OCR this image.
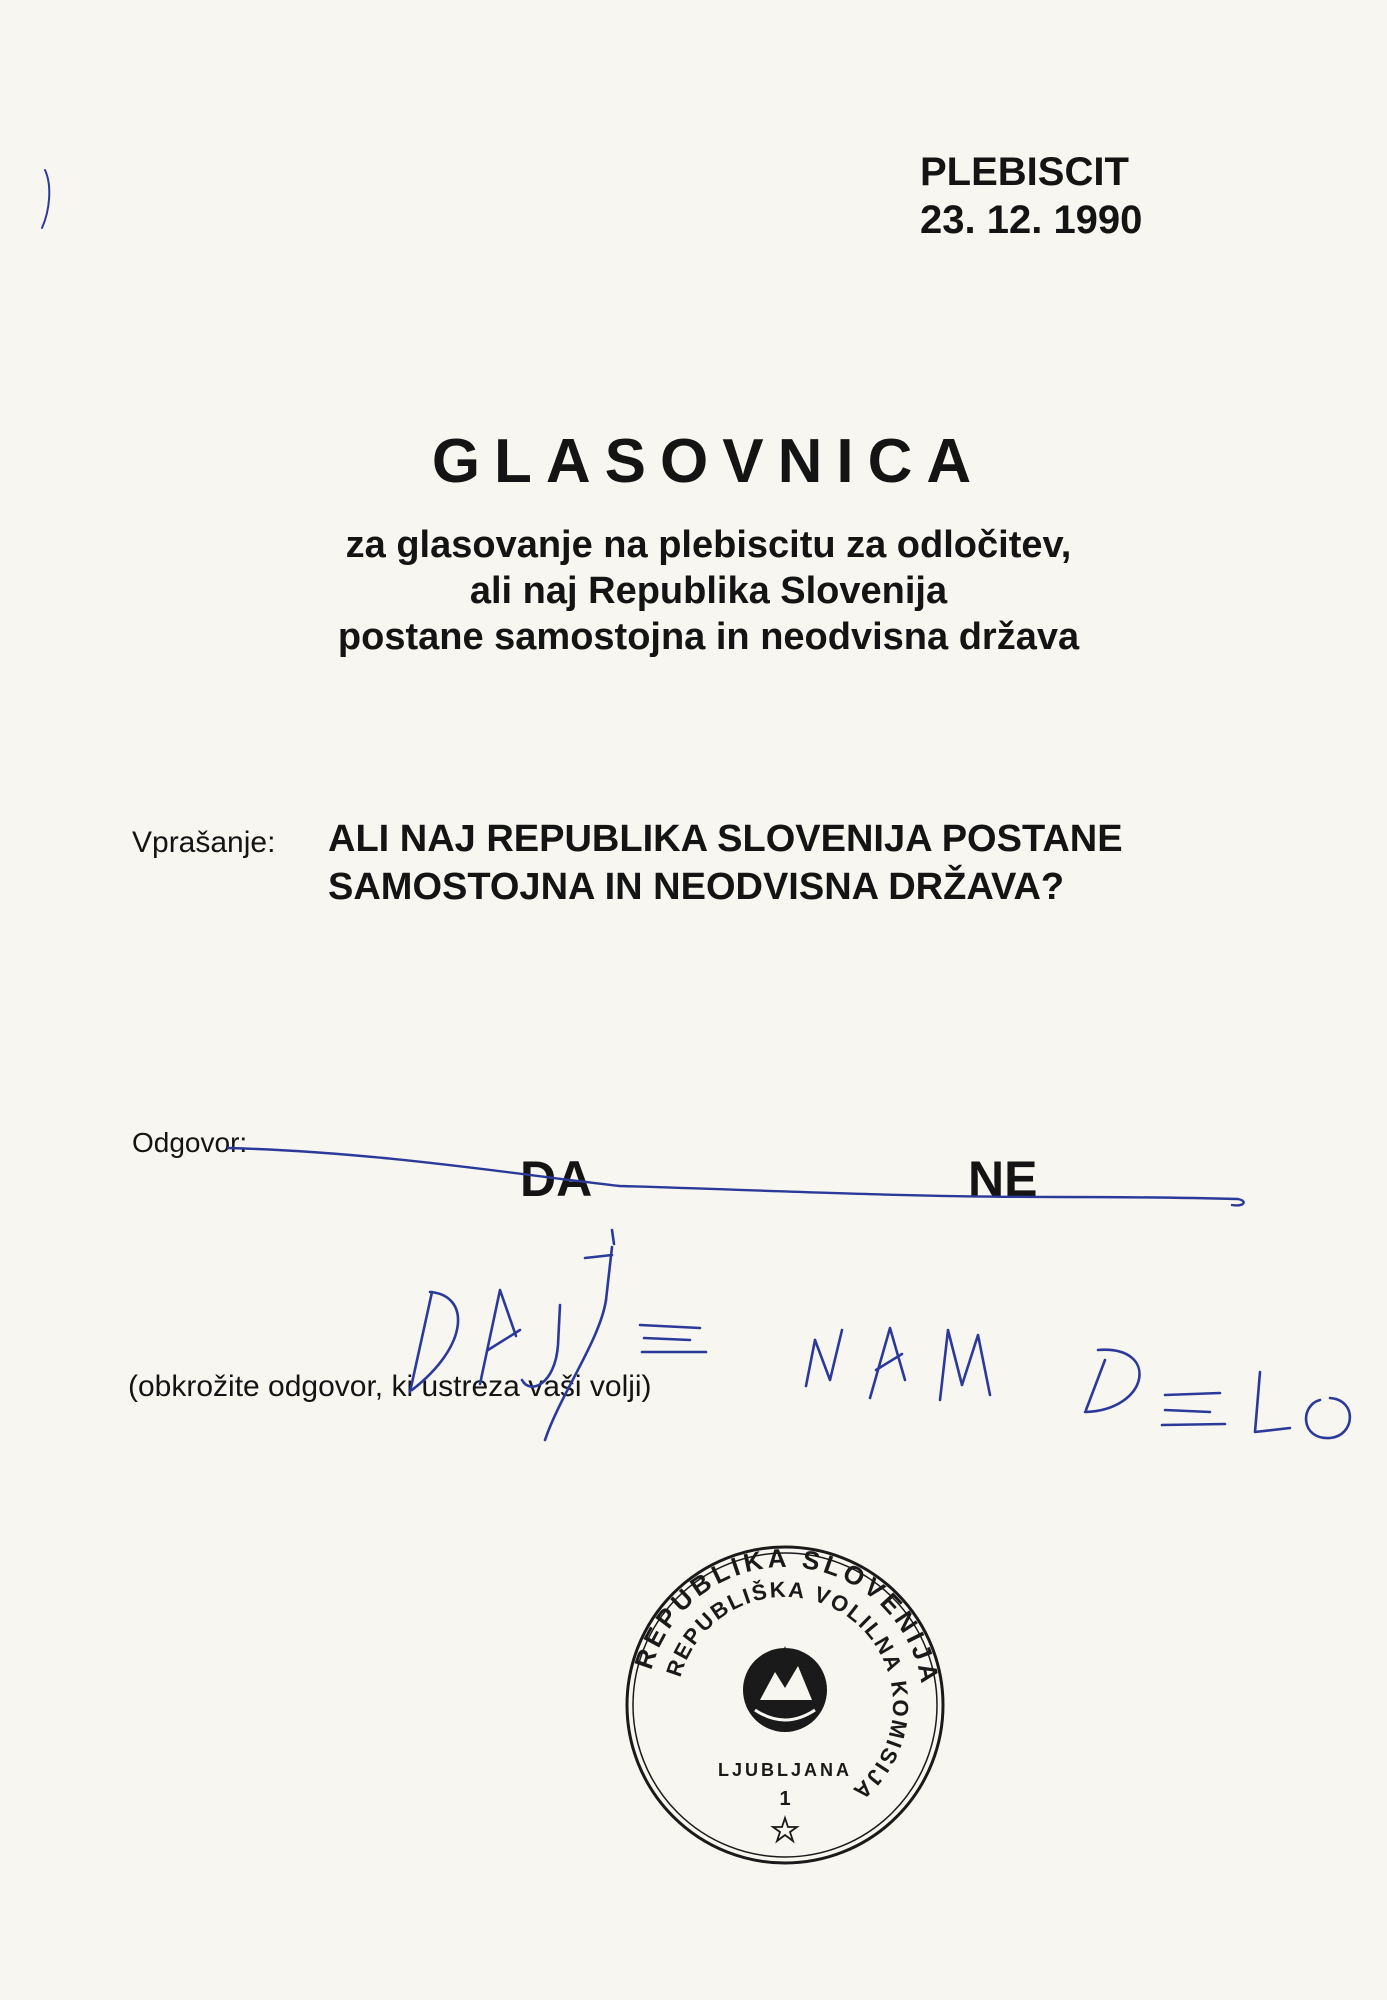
PLEBISCIT
23. 12. 1990
GLASOVNICA
za glasovanje na plebiscitu za odločitev,
ali naj Republika Slovenija
postane samostojna in neodvisna država
Vprašanje: ALI NAJ REPUBLIKA SLOVENIJA POSTANE
SAMOSTOJNA IN NEODVISNA DRŽAVA?
Odgovor:
DA	NE
(obkrožite odgovor, ki ustreza vaši volji)
REPUBLIKA SLOVENIJA
REPUBLIŠKA VOLILNA KOMISIJA
LJUBLJANA
1
